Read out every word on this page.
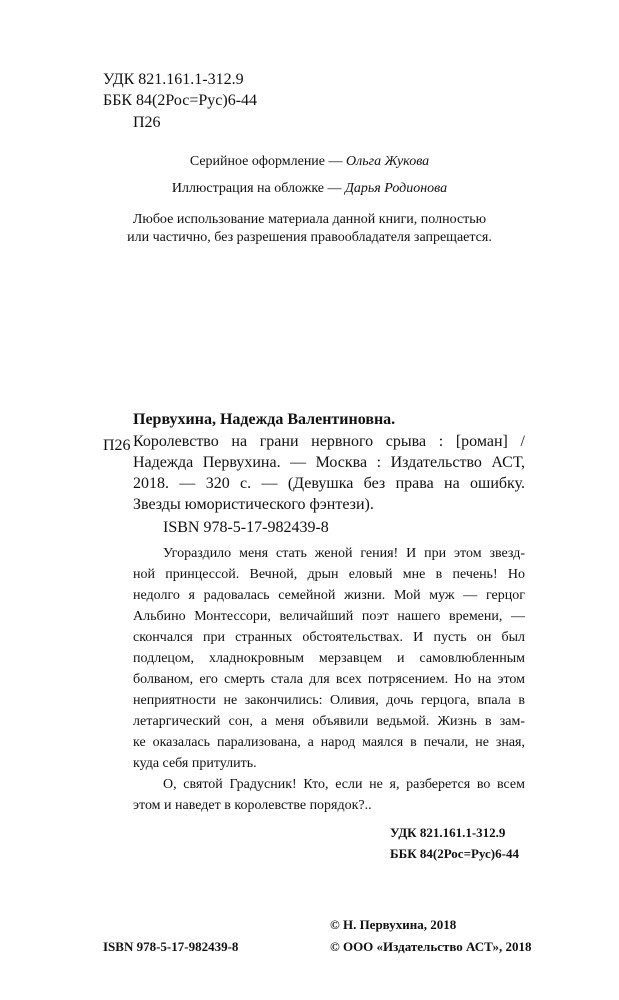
УДК 821.161.1-312.9
ББК 84(2Рос=Рус)6-44
П26
Серийное оформление — Ольга Жукова
Иллюстрация на обложке — Дарья Родионова
Любое использование материала данной книги, полностью
или частично, без разрешения правообладателя запрещается.
Первухина, Надежда Валентиновна.
П26 Королевство на грани нервного срыва : [роман] /
Надежда Первухина. — Москва : Издательство АСТ,
2018. — 320 с. — (Девушка без права на ошибку.
Звезды юмористического фэнтези).
ISBN 978-5-17-982439-8
Угораздило меня стать женой гения! И при этом звезд-
ной принцессой. Вечной, дрын еловый мне в печень! Но
недолго я радовалась семейной жизни. Мой муж — герцог
Альбино Монтессори, величайший поэт нашего времени, —
скончался при странных обстоятельствах. И пусть он был
подлецом, хладнокровным мерзавцем и самовлюбленным
болваном, его смерть стала для всех потрясением. Но на этом
неприятности не закончились: Оливия, дочь герцога, впала в
летаргический сон, а меня объявили ведьмой. Жизнь в зам-
ке оказалась парализована, а народ маялся в печали, не зная,
куда себя притулить.
О, святой Градусник! Кто, если не я, разберется во всем
этом и наведет в королевстве порядок?..
УДК 821.161.1-312.9
ББК 84(2Рос=Рус)6-44
ISBN 978-5-17-982439-8
© Н. Первухина, 2018
© ООО «Издательство АСТ», 2018
